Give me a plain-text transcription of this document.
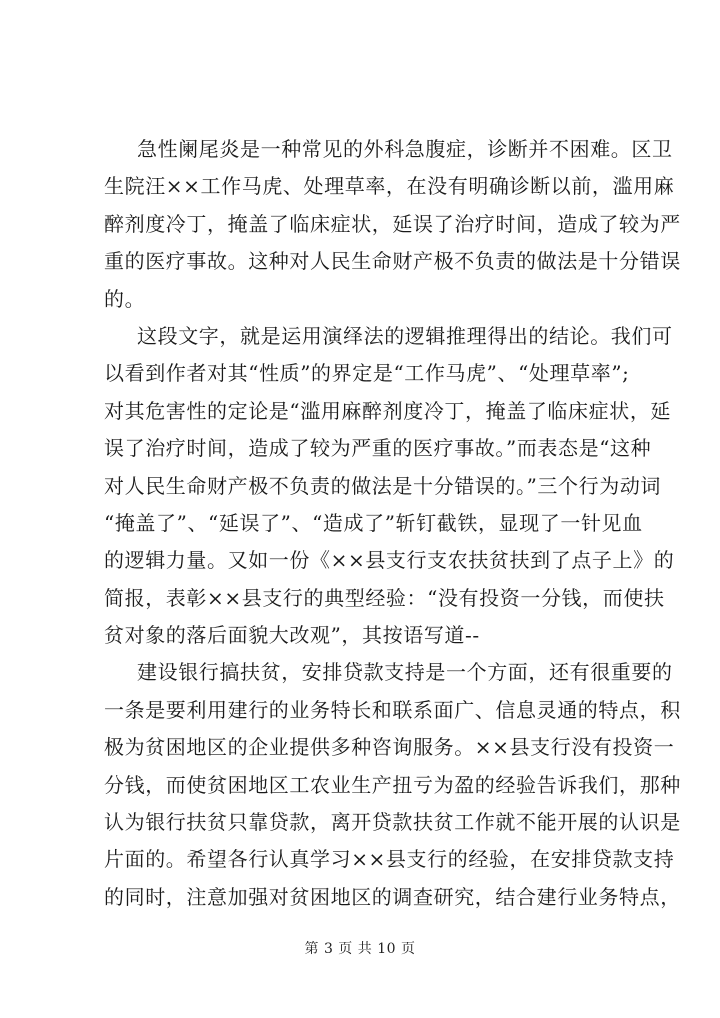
急性阑尾炎是一种常见的外科急腹症，诊断并不困难。区卫
生院汪××工作马虎、处理草率，在没有明确诊断以前，滥用麻
醉剂度冷丁，掩盖了临床症状，延误了治疗时间，造成了较为严
重的医疗事故。这种对人民生命财产极不负责的做法是十分错误
的。
这段文字，就是运用演绎法的逻辑推理得出的结论。我们可
以看到作者对其“性质”的界定是“工作马虎”、“处理草率”;
对其危害性的定论是“滥用麻醉剂度冷丁，掩盖了临床症状，延
误了治疗时间，造成了较为严重的医疗事故。”而表态是“这种
对人民生命财产极不负责的做法是十分错误的。”三个行为动词
“掩盖了”、“延误了”、“造成了”斩钉截铁，显现了一针见血
的逻辑力量。又如一份《××县支行支农扶贫扶到了点子上》的
简报，表彰××县支行的典型经验：“没有投资一分钱，而使扶
贫对象的落后面貌大改观”，其按语写道--
建设银行搞扶贫，安排贷款支持是一个方面，还有很重要的
一条是要利用建行的业务特长和联系面广、信息灵通的特点，积
极为贫困地区的企业提供多种咨询服务。××县支行没有投资一
分钱，而使贫困地区工农业生产扭亏为盈的经验告诉我们，那种
认为银行扶贫只靠贷款，离开贷款扶贫工作就不能开展的认识是
片面的。希望各行认真学习××县支行的经验，在安排贷款支持
的同时，注意加强对贫困地区的调查研究，结合建行业务特点，
第 3 页 共 10 页
